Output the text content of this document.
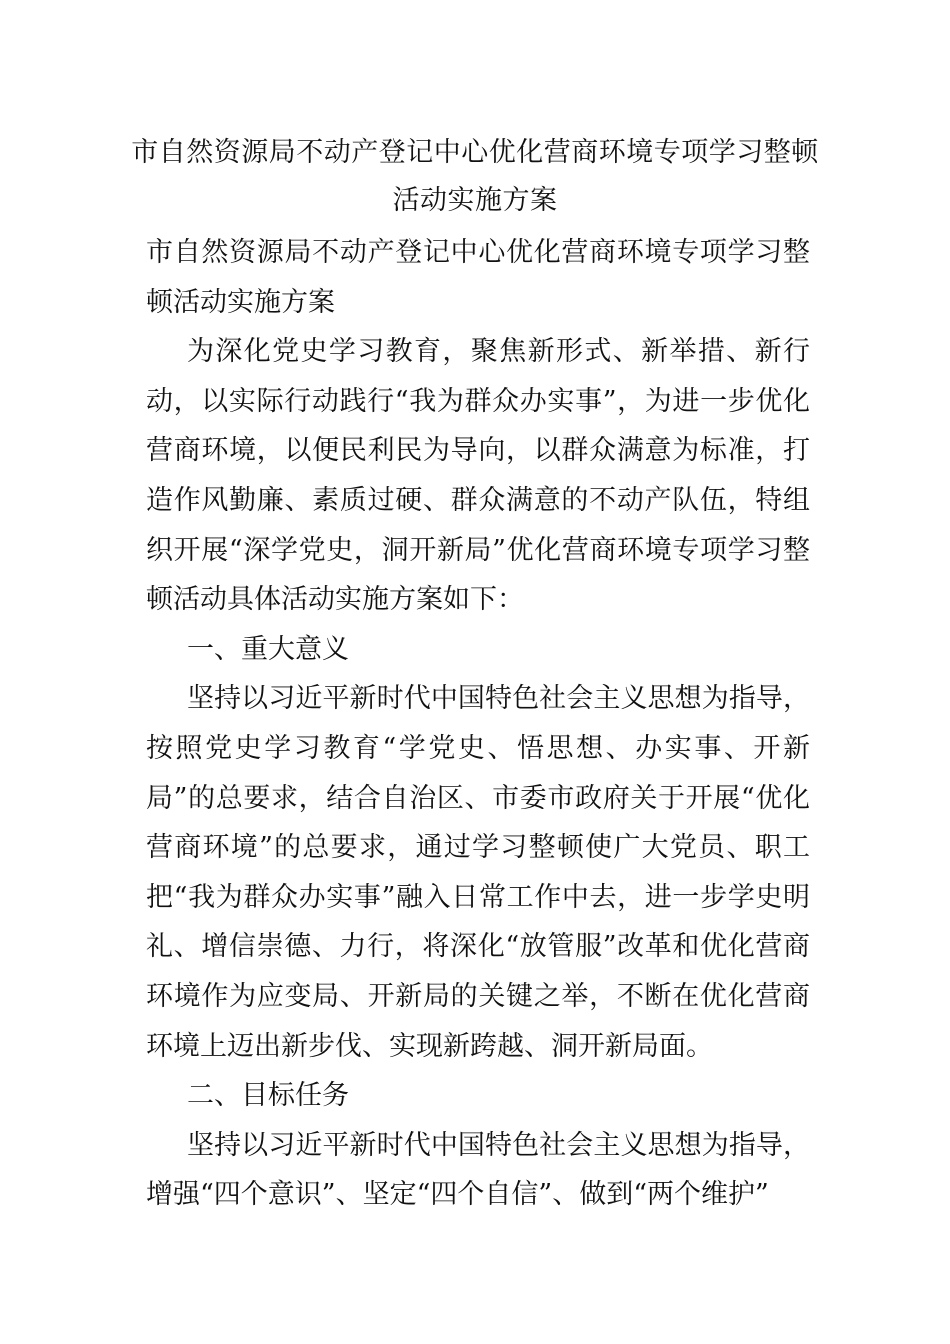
市自然资源局不动产登记中心优化营商环境专项学习整顿
活动实施方案

市自然资源局不动产登记中心优化营商环境专项学习整顿活动实施方案

为深化党史学习教育，聚焦新形式、新举措、新行动，以实际行动践行“我为群众办实事”，为进一步优化营商环境，以便民利民为导向，以群众满意为标准，打造作风勤廉、素质过硬、群众满意的不动产队伍，特组织开展“深学党史，洞开新局”优化营商环境专项学习整顿活动具体活动实施方案如下：

一、重大意义

坚持以习近平新时代中国特色社会主义思想为指导，按照党史学习教育“学党史、悟思想、办实事、开新局”的总要求，结合自治区、市委市政府关于开展“优化营商环境”的总要求，通过学习整顿使广大党员、职工把“我为群众办实事”融入日常工作中去，进一步学史明礼、增信崇德、力行，将深化“放管服”改革和优化营商环境作为应变局、开新局的关键之举，不断在优化营商环境上迈出新步伐、实现新跨越、洞开新局面。

二、目标任务

坚持以习近平新时代中国特色社会主义思想为指导，增强“四个意识”、坚定“四个自信”、做到“两个维护”
